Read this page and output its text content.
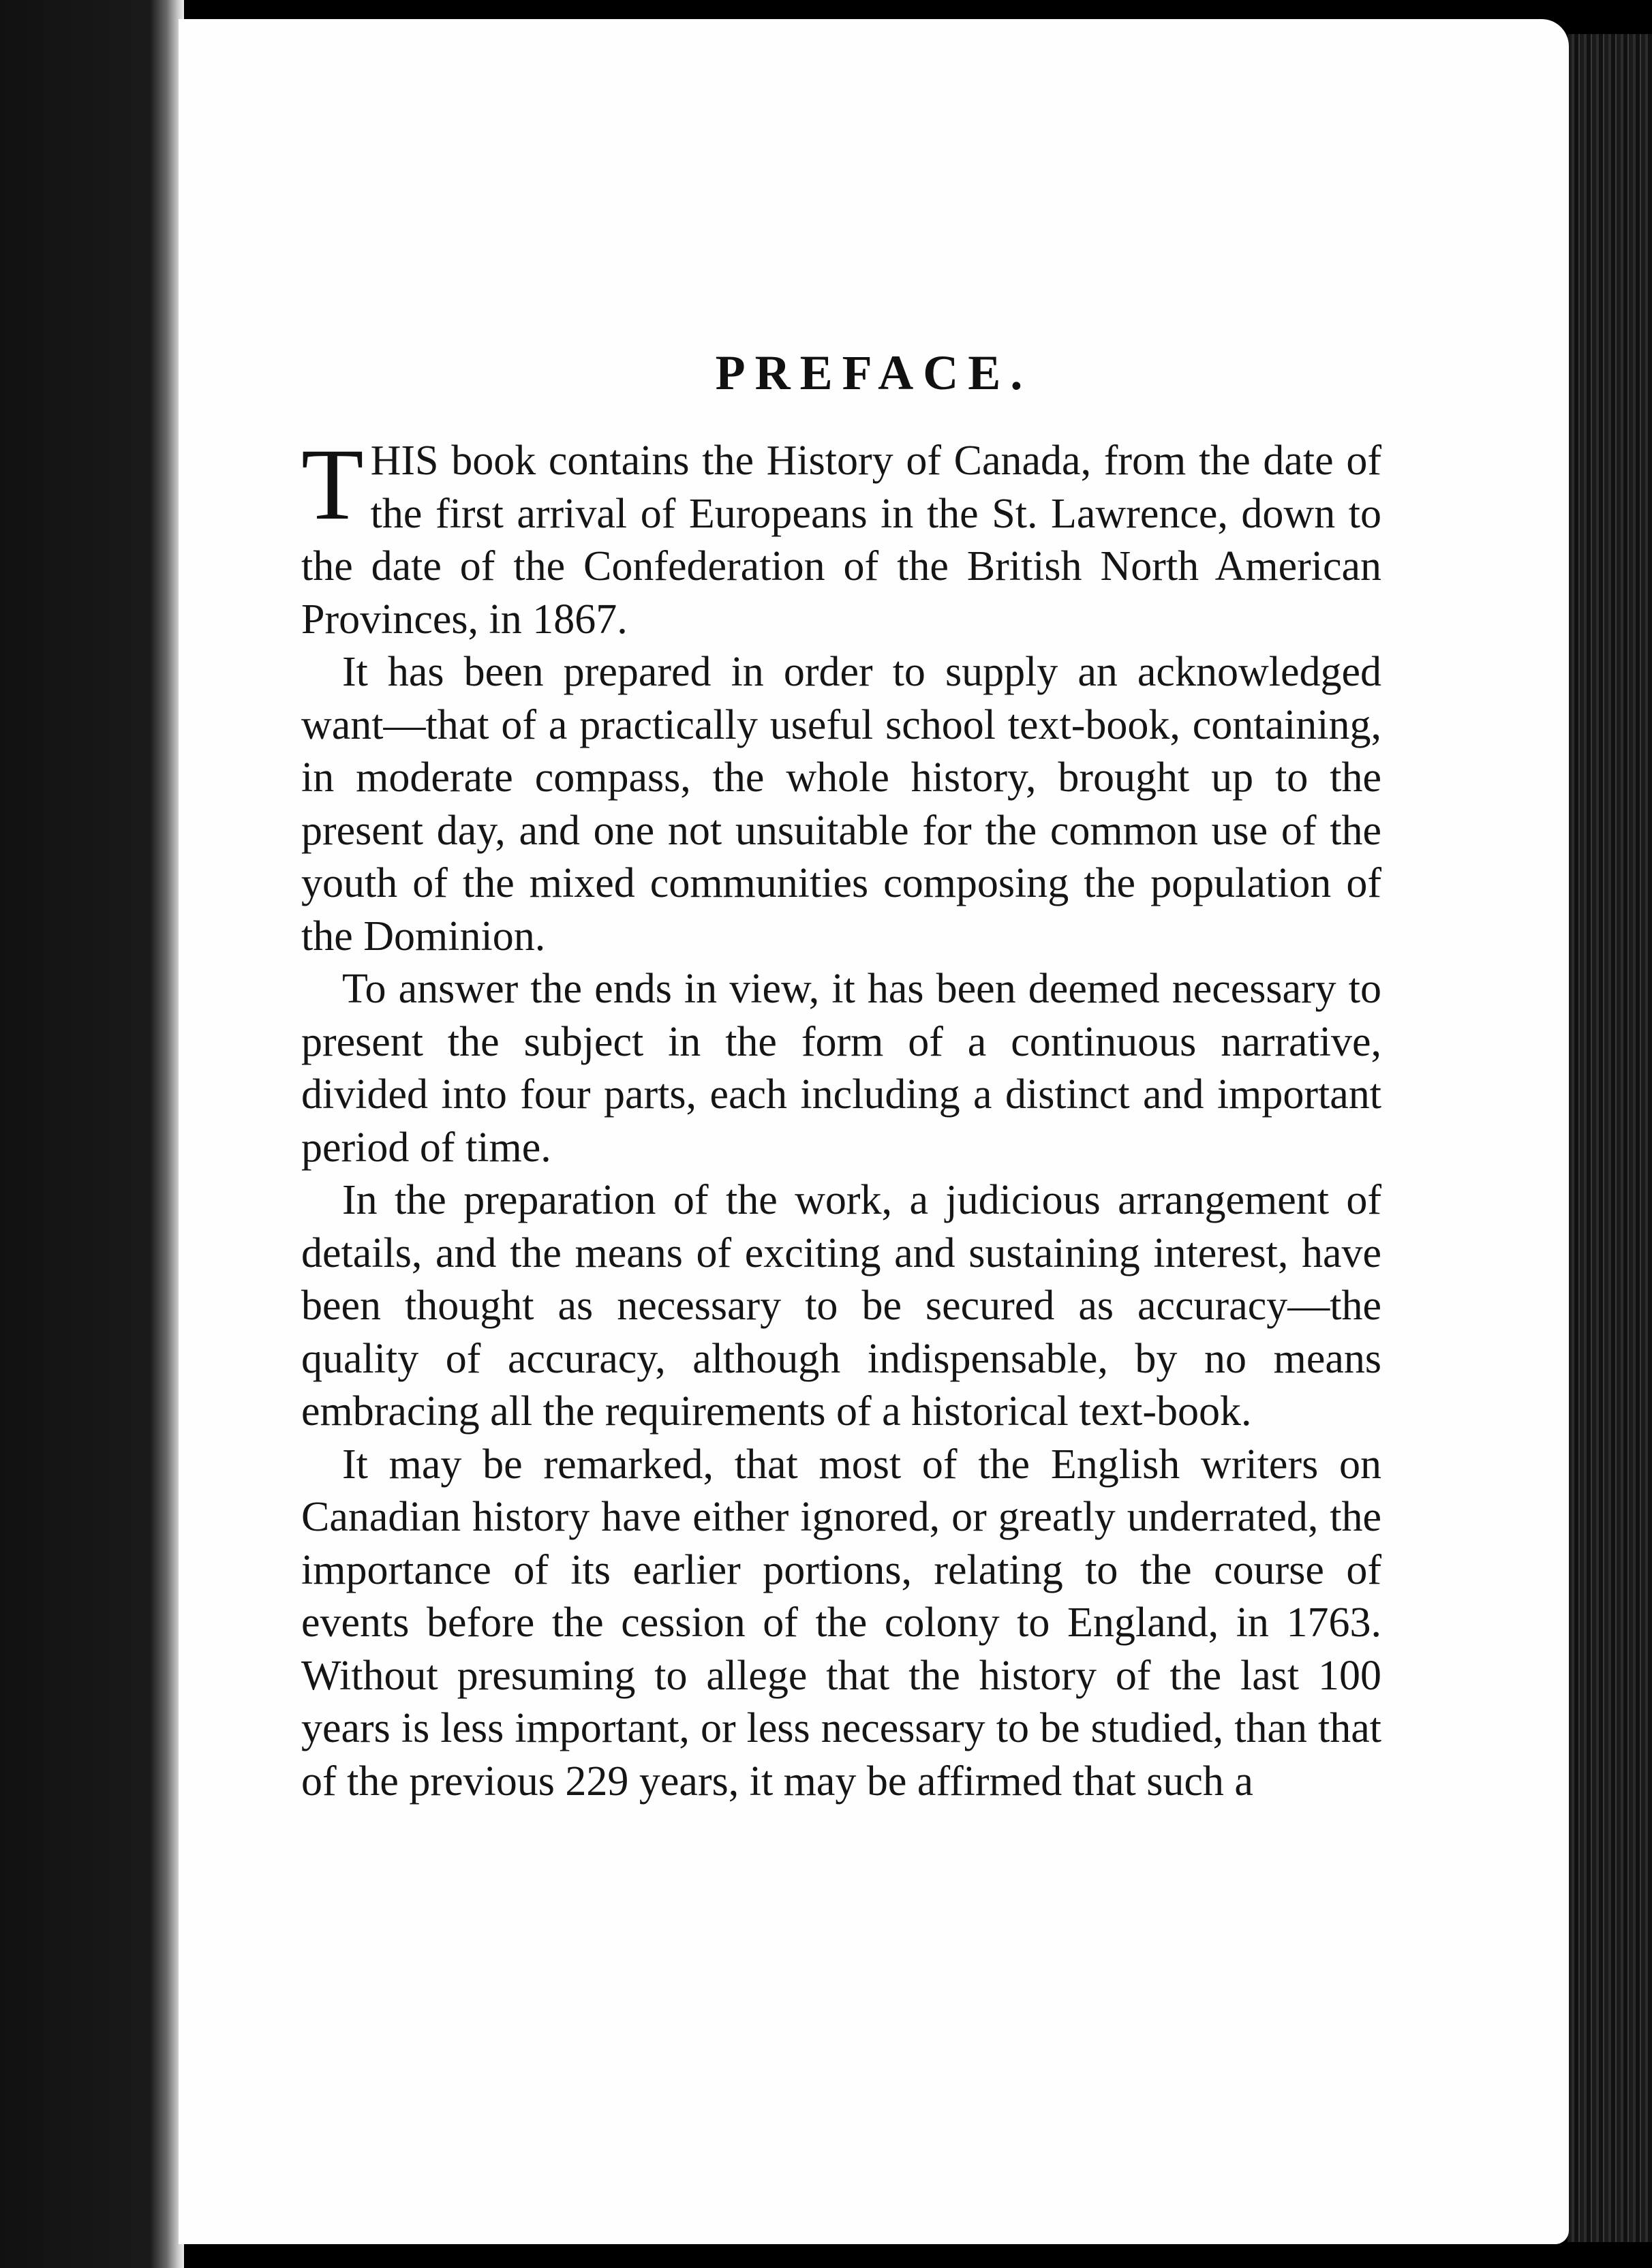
PREFACE.

THIS book contains the History of Canada, from the date of the first arrival of Europeans in the St. Lawrence, down to the date of the Confederation of the British North American Provinces, in 1867.

It has been prepared in order to supply an acknowledged want—that of a practically useful school text-book, containing, in moderate compass, the whole history, brought up to the present day, and one not unsuitable for the common use of the youth of the mixed communities composing the population of the Dominion.

To answer the ends in view, it has been deemed necessary to present the subject in the form of a continuous narrative, divided into four parts, each including a distinct and important period of time.

In the preparation of the work, a judicious arrangement of details, and the means of exciting and sustaining interest, have been thought as necessary to be secured as accuracy—the quality of accuracy, although indispensable, by no means embracing all the requirements of a historical text-book.

It may be remarked, that most of the English writers on Canadian history have either ignored, or greatly underrated, the importance of its earlier portions, relating to the course of events before the cession of the colony to England, in 1763. Without presuming to allege that the history of the last 100 years is less important, or less necessary to be studied, than that of the previous 229 years, it may be affirmed that such a
